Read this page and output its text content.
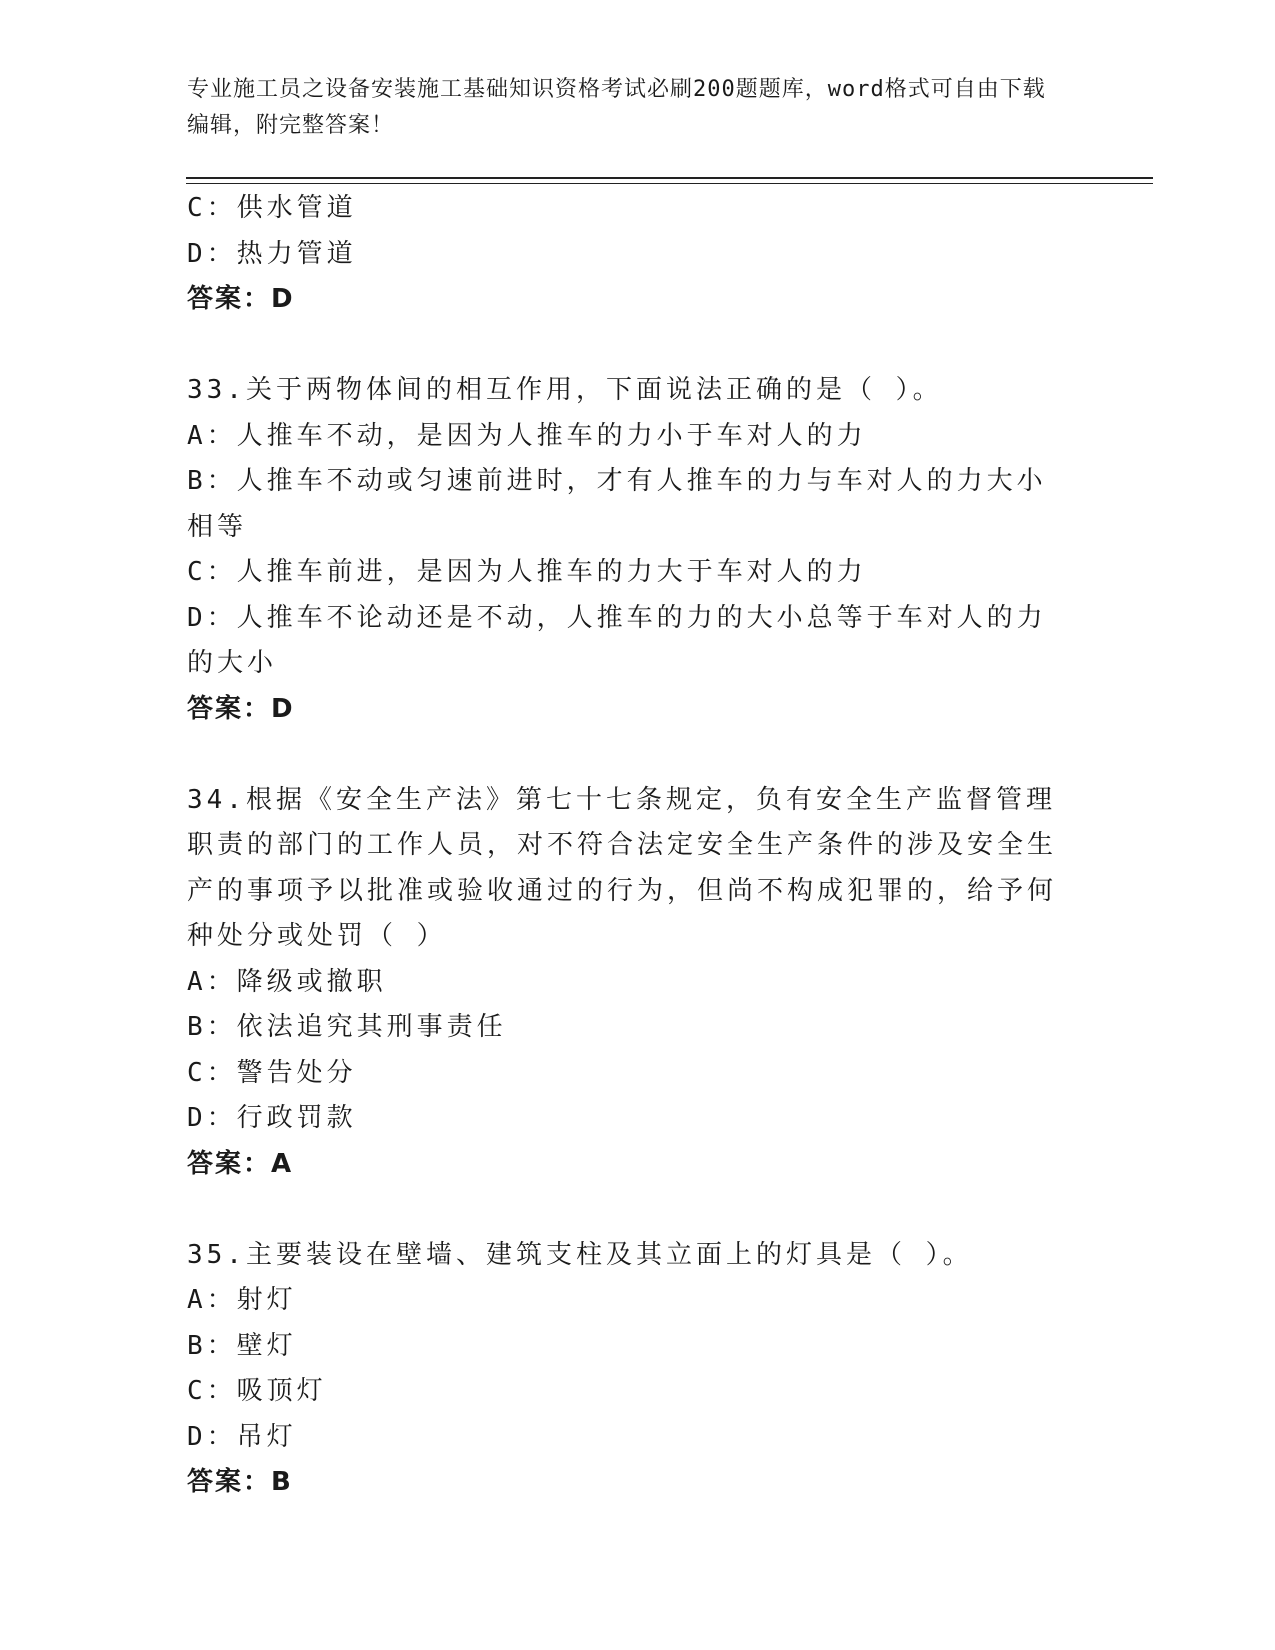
专业施工员之设备安装施工基础知识资格考试必刷200题题库，word格式可自由下载编辑，附完整答案！
C：供水管道
D：热力管道
答案：D
33.关于两物体间的相互作用，下面说法正确的是（ ）。
A：人推车不动，是因为人推车的力小于车对人的力
B：人推车不动或匀速前进时，才有人推车的力与车对人的力大小相等
C：人推车前进，是因为人推车的力大于车对人的力
D：人推车不论动还是不动，人推车的力的大小总等于车对人的力的大小
答案：D
34.根据《安全生产法》第七十七条规定，负有安全生产监督管理职责的部门的工作人员，对不符合法定安全生产条件的涉及安全生产的事项予以批准或验收通过的行为，但尚不构成犯罪的，给予何种处分或处罚（ ）
A：降级或撤职
B：依法追究其刑事责任
C：警告处分
D：行政罚款
答案：A
35.主要装设在壁墙、建筑支柱及其立面上的灯具是（ ）。
A：射灯
B：壁灯
C：吸顶灯
D：吊灯
答案：B
